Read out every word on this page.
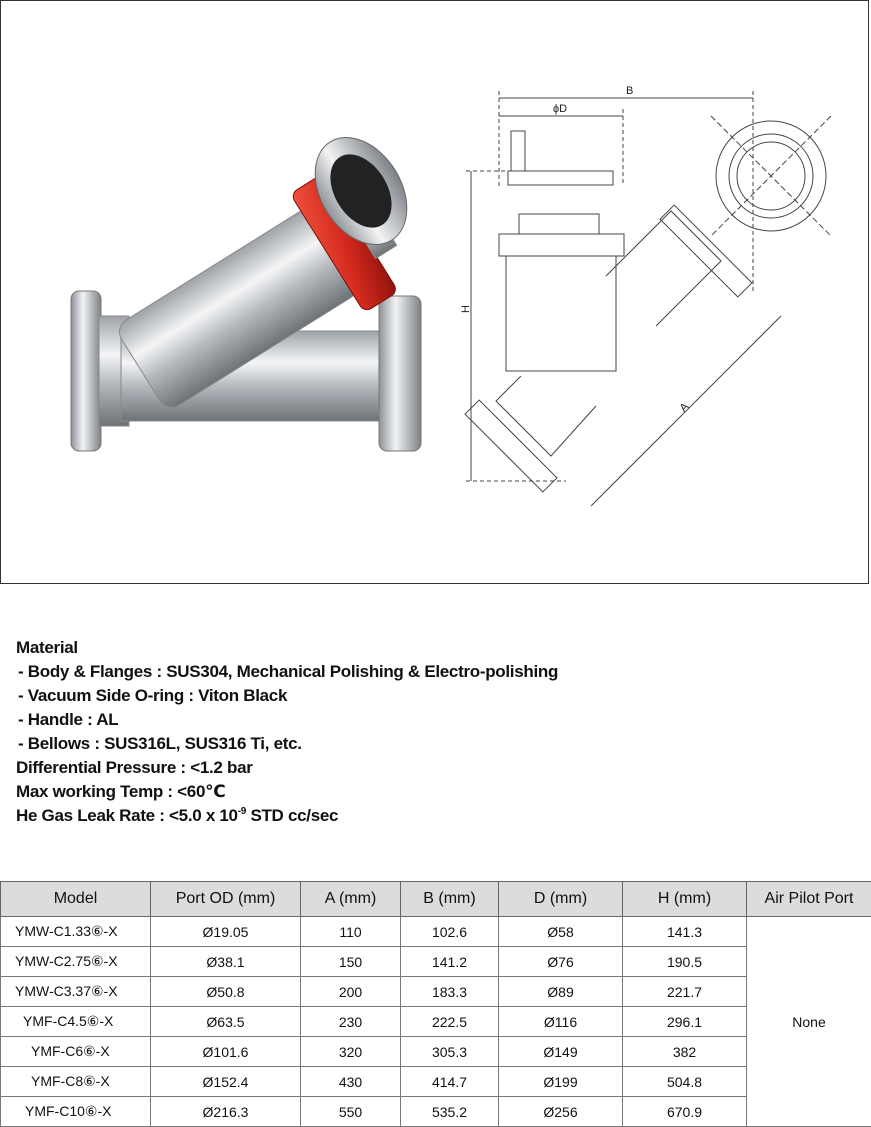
B
ϕD
H
A
Material
- Body & Flanges : SUS304, Mechanical Polishing & Electro-polishing
- Vacuum Side O-ring : Viton Black
- Handle : AL
- Bellows : SUS316L, SUS316 Ti, etc.
Differential Pressure : <1.2 bar
Max working Temp : <60℃
He Gas Leak Rate : <5.0 x $10^{-9}$ STD cc/sec
Model	Port OD (mm)	A (mm)	B (mm)	D (mm)	H (mm)	Air Pilot Port
YMW-C1.33⑥-X	Ø19.05	110	102.6	Ø58	141.3	None
YMW-C2.75⑥-X	Ø38.1	150	141.2	Ø76	190.5	
YMW-C3.37⑥-X	Ø50.8	200	183.3	Ø89	221.7	
YMF-C4.5⑥-X	Ø63.5	230	222.5	Ø116	296.1	
YMF-C6⑥-X	Ø101.6	320	305.3	Ø149	382	
YMF-C8⑥-X	Ø152.4	430	414.7	Ø199	504.8	
YMF-C10⑥-X	Ø216.3	550	535.2	Ø256	670.9	
